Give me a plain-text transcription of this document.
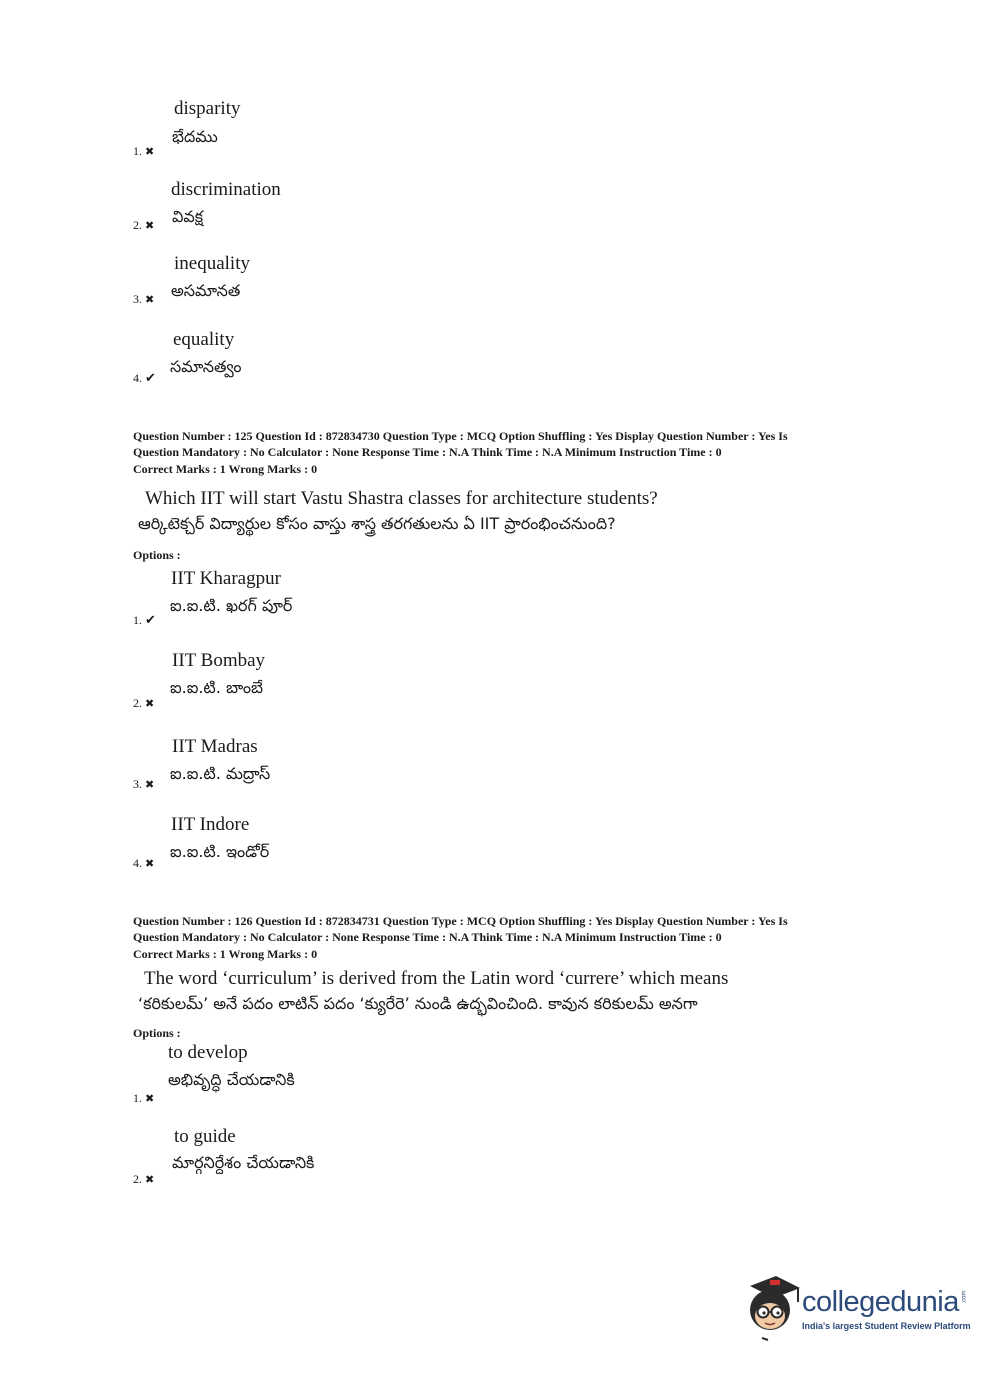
disparity
భేదము
1. ✖
discrimination
వివక్ష
2. ✖
inequality
అసమానత
3. ✖
equality
సమానత్వం
4. ✔
Question Number : 125 Question Id : 872834730 Question Type : MCQ Option Shuffling : Yes Display Question Number : Yes Is
Question Mandatory : No Calculator : None Response Time : N.A Think Time : N.A Minimum Instruction Time : 0
Correct Marks : 1 Wrong Marks : 0
Which IIT will start Vastu Shastra classes for architecture students?
ఆర్కిటెక్చర్ విద్యార్థుల కోసం వాస్తు శాస్త్ర తరగతులను ఏ IIT ప్రారంభించనుంది?
Options :
IIT Kharagpur
ఐ.ఐ.టి. ఖరగ్ పూర్
1. ✔
IIT Bombay
ఐ.ఐ.టి. బాంబే
2. ✖
IIT Madras
ఐ.ఐ.టి. మద్రాస్
3. ✖
IIT Indore
ఐ.ఐ.టి. ఇండోర్
4. ✖
Question Number : 126 Question Id : 872834731 Question Type : MCQ Option Shuffling : Yes Display Question Number : Yes Is
Question Mandatory : No Calculator : None Response Time : N.A Think Time : N.A Minimum Instruction Time : 0
Correct Marks : 1 Wrong Marks : 0
The word ‘curriculum’ is derived from the Latin word ‘currere’ which means
‘కరికులమ్’ అనే పదం లాటిన్ పదం ‘క్యురేరె’ నుండి ఉద్భవించింది. కావున కరికులమ్ అనగా
Options :
to develop
అభివృద్ధి చేయడానికి
1. ✖
to guide
మార్గనిర్దేశం చేయడానికి
2. ✖
collegedunia .com
India's largest Student Review Platform
